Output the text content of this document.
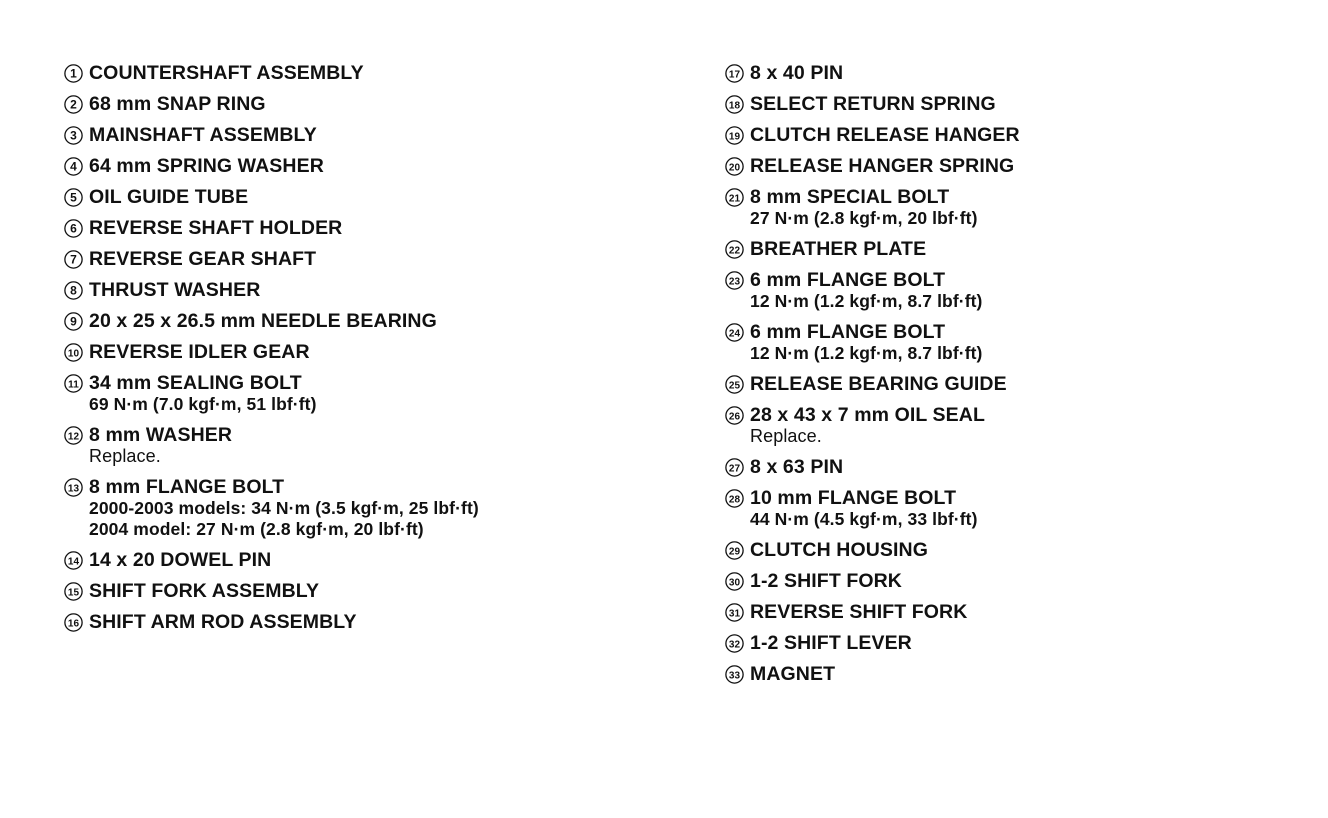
1 COUNTERSHAFT ASSEMBLY
2 68 mm SNAP RING
3 MAINSHAFT ASSEMBLY
4 64 mm SPRING WASHER
5 OIL GUIDE TUBE
6 REVERSE SHAFT HOLDER
7 REVERSE GEAR SHAFT
8 THRUST WASHER
9 20 x 25 x 26.5 mm NEEDLE BEARING
10 REVERSE IDLER GEAR
11 34 mm SEALING BOLT
69 N·m (7.0 kgf·m, 51 lbf·ft)
12 8 mm WASHER
Replace.
13 8 mm FLANGE BOLT
2000-2003 models: 34 N·m (3.5 kgf·m, 25 lbf·ft)
2004 model: 27 N·m (2.8 kgf·m, 20 lbf·ft)
14 14 x 20 DOWEL PIN
15 SHIFT FORK ASSEMBLY
16 SHIFT ARM ROD ASSEMBLY
17 8 x 40 PIN
18 SELECT RETURN SPRING
19 CLUTCH RELEASE HANGER
20 RELEASE HANGER SPRING
21 8 mm SPECIAL BOLT
27 N·m (2.8 kgf·m, 20 lbf·ft)
22 BREATHER PLATE
23 6 mm FLANGE BOLT
12 N·m (1.2 kgf·m, 8.7 lbf·ft)
24 6 mm FLANGE BOLT
12 N·m (1.2 kgf·m, 8.7 lbf·ft)
25 RELEASE BEARING GUIDE
26 28 x 43 x 7 mm OIL SEAL
Replace.
27 8 x 63 PIN
28 10 mm FLANGE BOLT
44 N·m (4.5 kgf·m, 33 lbf·ft)
29 CLUTCH HOUSING
30 1-2 SHIFT FORK
31 REVERSE SHIFT FORK
32 1-2 SHIFT LEVER
33 MAGNET
